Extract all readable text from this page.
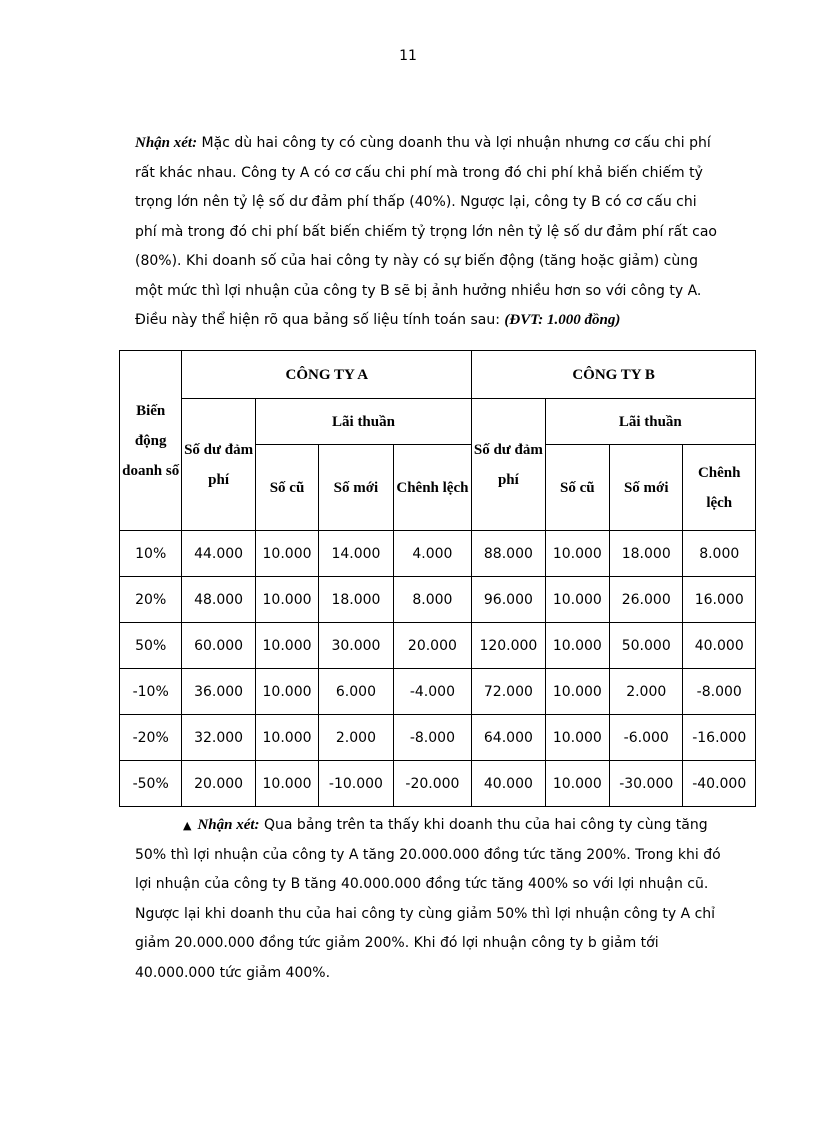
11
Nhận xét: Mặc dù hai công ty có cùng doanh thu và lợi nhuận nhưng cơ cấu chi phí
rất khác nhau. Công ty A có cơ cấu chi phí mà trong đó chi phí khả biến chiếm tỷ
trọng lớn nên tỷ lệ số dư đảm phí thấp (40%). Ngược lại, công ty B có cơ cấu chi
phí mà trong đó chi phí bất biến chiếm tỷ trọng lớn nên tỷ lệ số dư đảm phí rất cao
(80%). Khi doanh số của hai công ty này có sự biến động (tăng hoặc giảm) cùng
một mức thì lợi nhuận của công ty B sẽ bị ảnh hưởng nhiều hơn so với công ty A.
Điều này thể hiện rõ qua bảng số liệu tính toán sau: (ĐVT: 1.000 đồng)
Biến động doanh số	CÔNG TY A				CÔNG TY B			
	Số dư đảm phí	Lãi thuần			Số dư đảm phí	Lãi thuần		
		Số cũ	Số mới	Chênh lệch		Số cũ	Số mới	Chênh lệch
10%	44.000	10.000	14.000	4.000	88.000	10.000	18.000	8.000
20%	48.000	10.000	18.000	8.000	96.000	10.000	26.000	16.000
50%	60.000	10.000	30.000	20.000	120.000	10.000	50.000	40.000
-10%	36.000	10.000	6.000	-4.000	72.000	10.000	2.000	-8.000
-20%	32.000	10.000	2.000	-8.000	64.000	10.000	-6.000	-16.000
-50%	20.000	10.000	-10.000	-20.000	40.000	10.000	-30.000	-40.000
▲ Nhận xét: Qua bảng trên ta thấy khi doanh thu của hai công ty cùng tăng
50% thì lợi nhuận của công ty A tăng 20.000.000 đồng tức tăng 200%. Trong khi đó
lợi nhuận của công ty B tăng 40.000.000 đồng tức tăng 400% so với lợi nhuận cũ.
Ngược lại khi doanh thu của hai công ty cùng giảm 50% thì lợi nhuận công ty A chỉ
giảm 20.000.000 đồng tức giảm 200%. Khi đó lợi nhuận công ty b giảm tới
40.000.000 tức giảm 400%.
